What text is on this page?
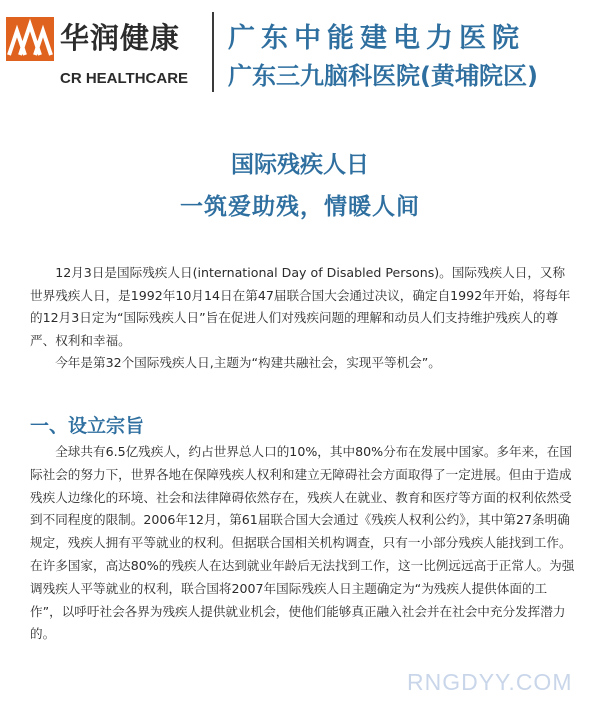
华润健康
CR HEALTHCARE
广东中能建电力医院
广东三九脑科医院(黄埔院区)
国际残疾人日
一筑爱助残，情暖人间

12月3日是国际残疾人日(international Day of Disabled Persons)。国际残疾人日，又称世界残疾人日，是1992年10月14日在第47届联合国大会通过决议，确定自1992年开始，将每年的12月3日定为“国际残疾人日”旨在促进人们对残疾问题的理解和动员人们支持维护残疾人的尊严、权利和幸福。

今年是第32个国际残疾人日,主题为“构建共融社会，实现平等机会”。

一、设立宗旨

全球共有6.5亿残疾人，约占世界总人口的10%，其中80%分布在发展中国家。多年来，在国际社会的努力下，世界各地在保障残疾人权利和建立无障碍社会方面取得了一定进展。但由于造成残疾人边缘化的环境、社会和法律障碍依然存在，残疾人在就业、教育和医疗等方面的权利依然受到不同程度的限制。2006年12月，第61届联合国大会通过《残疾人权利公约》，其中第27条明确规定，残疾人拥有平等就业的权利。但据联合国相关机构调查，只有一小部分残疾人能找到工作。在许多国家，高达80%的残疾人在达到就业年龄后无法找到工作，这一比例远远高于正常人。为强调残疾人平等就业的权利，联合国将2007年国际残疾人日主题确定为“为残疾人提供体面的工作”，以呼吁社会各界为残疾人提供就业机会，使他们能够真正融入社会并在社会中充分发挥潜力的。

RNGDYY.COM
